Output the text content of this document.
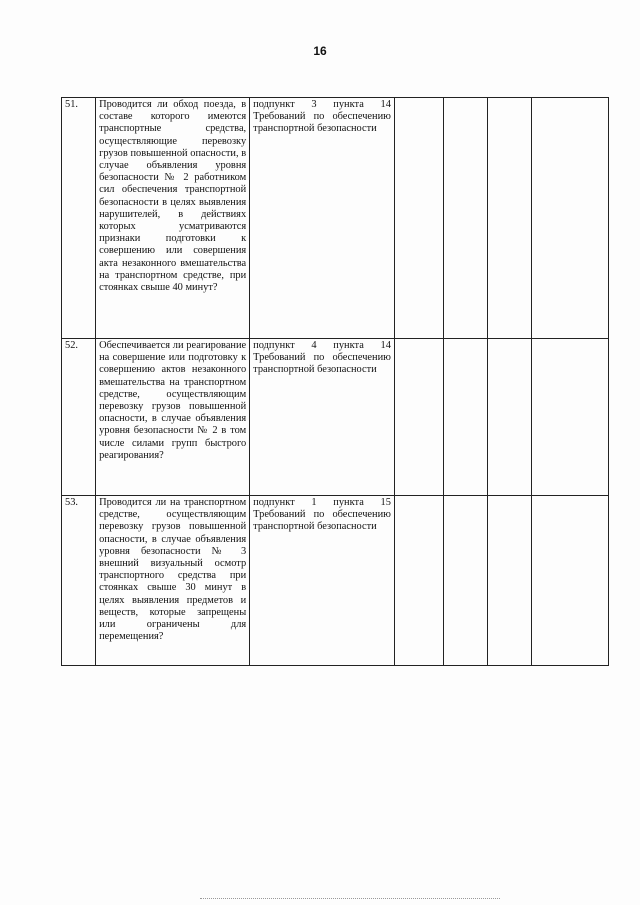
16
51.	Проводится ли обход поезда, в составе которого имеются транспортные средства, осуществляющие перевозку грузов повышенной опасности, в случае объявления уровня безопасности № 2 работником сил обеспечения транспортной безопасности в целях выявления нарушителей, в действиях которых усматриваются признаки подготовки к совершению или совершения акта незаконного вмешательства на транспортном средстве, при стоянках свыше 40 минут?	подпункт 3 пункта 14 Требований по обеспечению транспортной безопасности				

52.	Обеспечивается ли реагирование на совершение или подготовку к совершению актов незаконного вмешательства на транспортном средстве, осуществляющим перевозку грузов повышенной опасности, в случае объявления уровня безопасности № 2 в том числе силами групп быстрого реагирования?	подпункт 4 пункта 14 Требований по обеспечению транспортной безопасности				

53.	Проводится ли на транспортном средстве, осуществляющим перевозку грузов повышенной опасности, в случае объявления уровня безопасности № 3 внешний визуальный осмотр транспортного средства при стоянках свыше 30 минут в целях выявления предметов и веществ, которые запрещены или ограничены для перемещения?	подпункт 1 пункта 15 Требований по обеспечению транспортной безопасности				
